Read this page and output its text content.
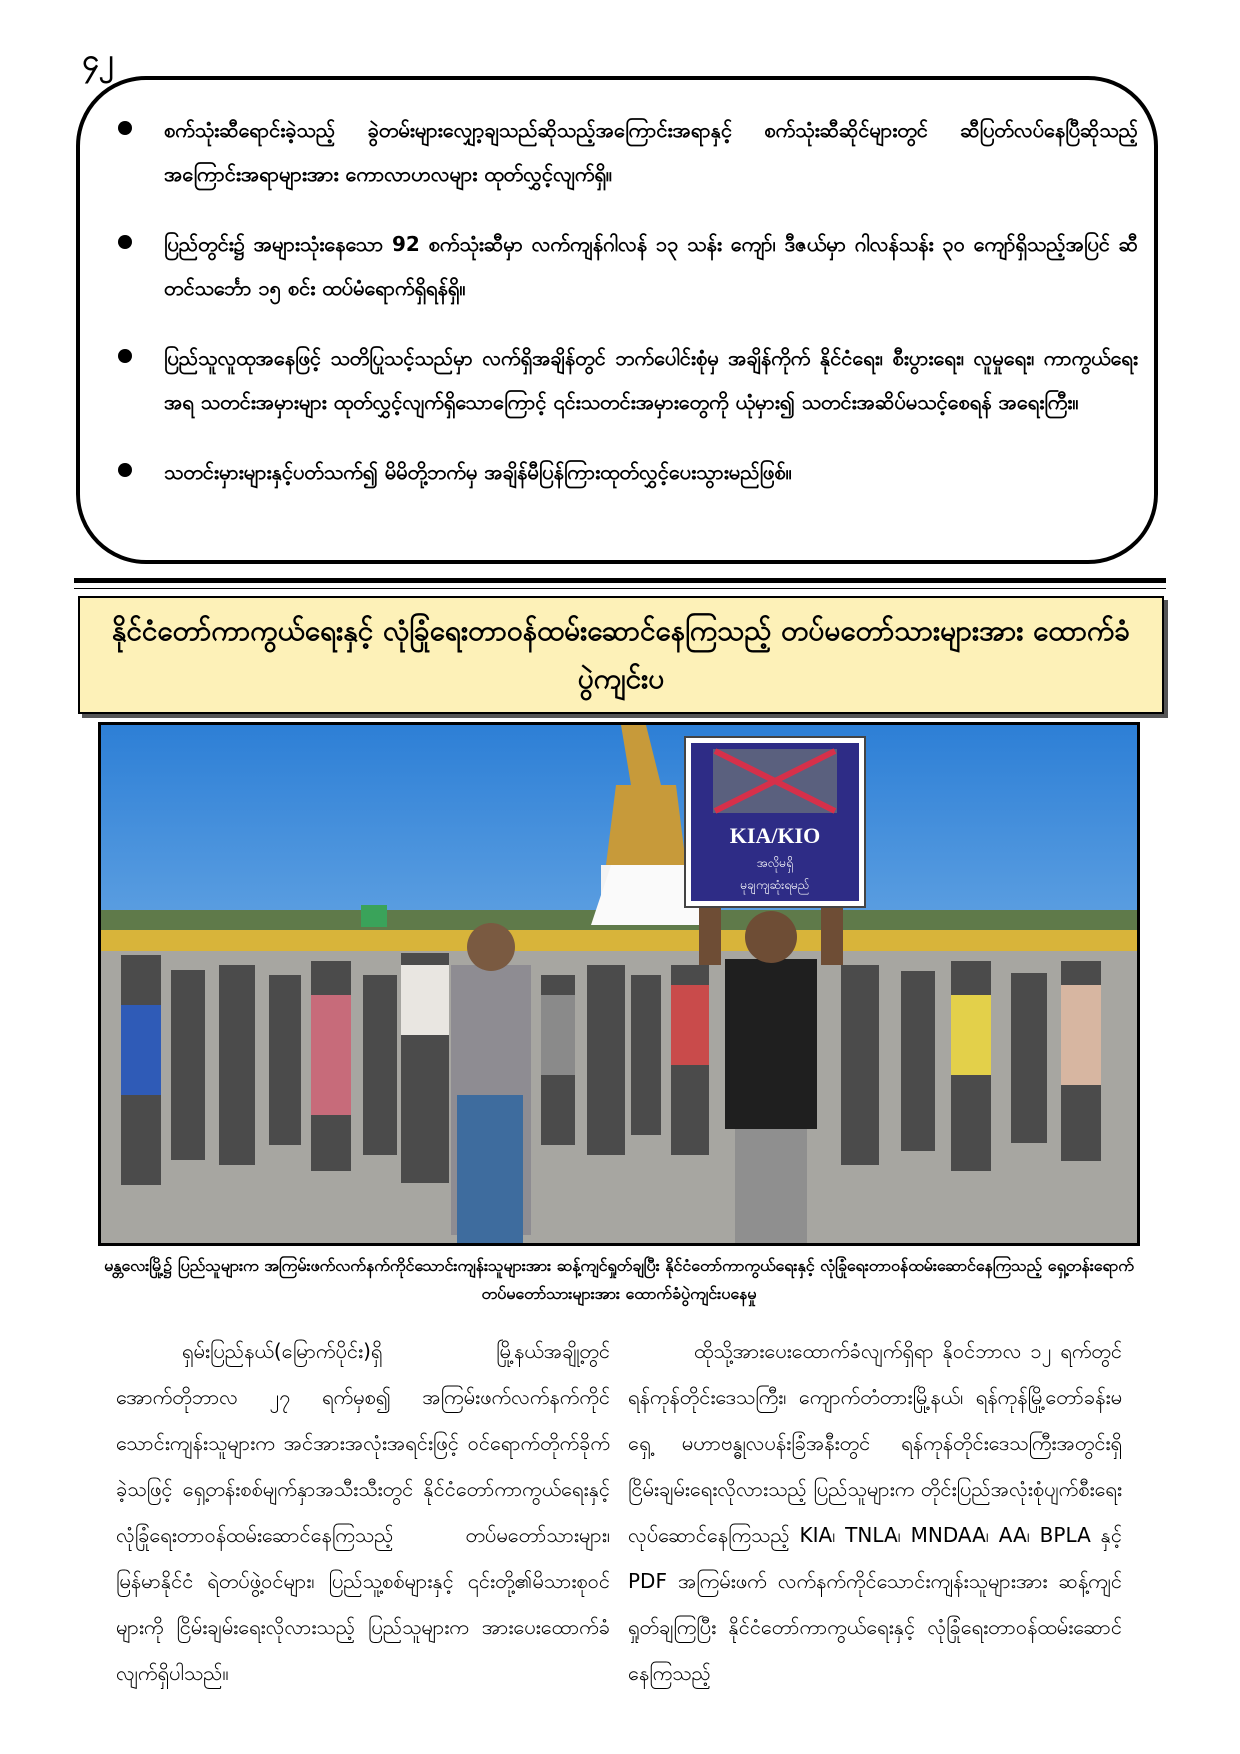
၄၂
စက်သုံးဆီရောင်းခဲ့သည့် ခွဲတမ်းများလျှော့ချသည်ဆိုသည့်အကြောင်းအရာနှင့် စက်သုံးဆီဆိုင်များတွင် ဆီပြတ်လပ်နေပြီဆိုသည့်အကြောင်းအရာများအား ကောလာဟလများ ထုတ်လွှင့်လျက်ရှိ။
ပြည်တွင်း၌ အများသုံးနေသော 92 စက်သုံးဆီမှာ လက်ကျန်ဂါလန် ၁၃ သန်း ကျော်၊ ဒီဇယ်မှာ ဂါလန်သန်း ၃၀ ကျော်ရှိသည့်အပြင် ဆီတင်သင်္ဘော ၁၅ စင်း ထပ်မံရောက်ရှိရန်ရှိ။
ပြည်သူလူထုအနေဖြင့် သတိပြုသင့်သည်မှာ လက်ရှိအချိန်တွင် ဘက်ပေါင်းစုံမှ အချိန်ကိုက် နိုင်ငံရေး၊ စီးပွားရေး၊ လူမှုရေး၊ ကာကွယ်ရေးအရ သတင်းအမှားများ ထုတ်လွှင့်လျက်ရှိသောကြောင့် ၎င်းသတင်းအမှားတွေကို ယုံမှား၍ သတင်းအဆိပ်မသင့်စေရန် အရေးကြီး။
သတင်းမှားများနှင့်ပတ်သက်၍ မိမိတို့ဘက်မှ အချိန်မီပြန်ကြားထုတ်လွှင့်ပေးသွားမည်ဖြစ်။
နိုင်ငံတော်ကာကွယ်ရေးနှင့် လုံခြုံရေးတာဝန်ထမ်းဆောင်နေကြသည့် တပ်မတော်သားများအား ထောက်ခံပွဲကျင်းပ
KIA/KIO
အလိုမရှိ
မုချကျဆုံးရမည်
မန္တလေးမြို့၌ ပြည်သူများက အကြမ်းဖက်လက်နက်ကိုင်သောင်းကျန်းသူများအား ဆန့်ကျင်ရှုတ်ချပြီး နိုင်ငံတော်ကာကွယ်ရေးနှင့် လုံခြုံရေးတာဝန်ထမ်းဆောင်နေကြသည့် ရှေ့တန်းရောက် တပ်မတော်သားများအား ထောက်ခံပွဲကျင်းပနေမှု

ရှမ်းပြည်နယ်(မြောက်ပိုင်း)ရှိ မြို့နယ်အချို့တွင် အောက်တိုဘာလ ၂၇ ရက်မှစ၍ အကြမ်းဖက်လက်နက်ကိုင်သောင်းကျန်းသူများက အင်အားအလုံးအရင်းဖြင့် ဝင်ရောက်တိုက်ခိုက်ခဲ့သဖြင့် ရှေ့တန်းစစ်မျက်နှာအသီးသီးတွင် နိုင်ငံတော်ကာကွယ်ရေးနှင့် လုံခြုံရေးတာဝန်ထမ်းဆောင်နေကြသည့် တပ်မတော်သားများ၊ မြန်မာနိုင်ငံ ရဲတပ်ဖွဲ့ဝင်များ၊ ပြည်သူ့စစ်များနှင့် ၎င်းတို့၏မိသားစုဝင်များကို ငြိမ်းချမ်းရေးလိုလားသည့် ပြည်သူများက အားပေးထောက်ခံလျက်ရှိပါသည်။

ထိုသို့အားပေးထောက်ခံလျက်ရှိရာ နိုဝင်ဘာလ ၁၂ ရက်တွင် ရန်ကုန်တိုင်းဒေသကြီး၊ ကျောက်တံတားမြို့နယ်၊ ရန်ကုန်မြို့တော်ခန်းမရှေ့ မဟာဗန္ဓုလပန်းခြံအနီးတွင် ရန်ကုန်တိုင်းဒေသကြီးအတွင်းရှိ ငြိမ်းချမ်းရေးလိုလားသည့် ပြည်သူများက တိုင်းပြည်အလုံးစုံပျက်စီးရေးလုပ်ဆောင်နေကြသည့် KIA၊ TNLA၊ MNDAA၊ AA၊ BPLA နှင့် PDF အကြမ်းဖက် လက်နက်ကိုင်သောင်းကျန်းသူများအား ဆန့်ကျင်ရှုတ်ချကြပြီး နိုင်ငံတော်ကာကွယ်ရေးနှင့် လုံခြုံရေးတာဝန်ထမ်းဆောင်နေကြသည့်
